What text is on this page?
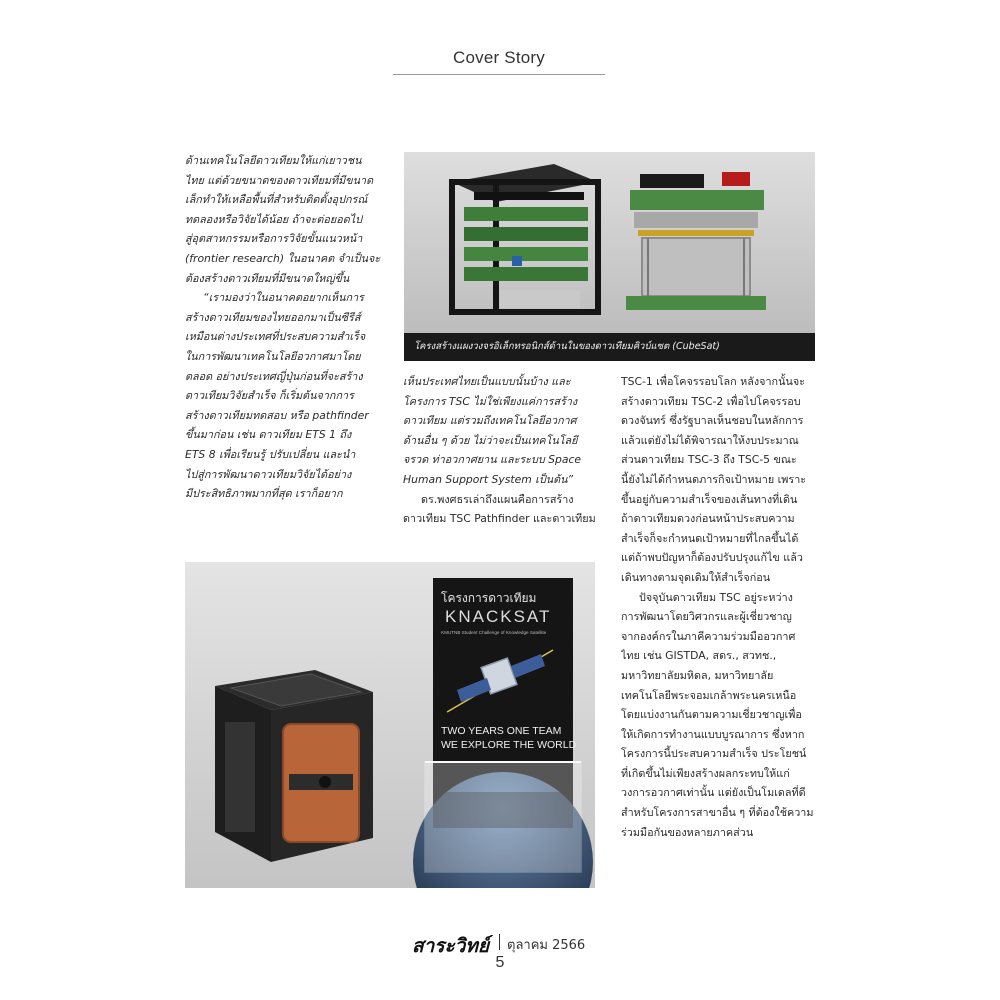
Cover Story
ด้านเทคโนโลยีดาวเทียมให้แก่เยาวชน
ไทย แต่ด้วยขนาดของดาวเทียมที่มีขนาด
เล็กทำให้เหลือพื้นที่สำหรับติดตั้งอุปกรณ์
ทดลองหรือวิจัยได้น้อย ถ้าจะต่อยอดไป
สู่อุตสาหกรรมหรือการวิจัยขั้นแนวหน้า
(frontier research) ในอนาคต จำเป็นจะ
ต้องสร้างดาวเทียมที่มีขนาดใหญ่ขึ้น
“เรามองว่าในอนาคตอยากเห็นการ
สร้างดาวเทียมของไทยออกมาเป็นซีรีส์
เหมือนต่างประเทศที่ประสบความสำเร็จ
ในการพัฒนาเทคโนโลยีอวกาศมาโดย
ตลอด อย่างประเทศญี่ปุ่นก่อนที่จะสร้าง
ดาวเทียมวิจัยสำเร็จ ก็เริ่มต้นจากการ
สร้างดาวเทียมทดสอบ หรือ pathfinder
ขึ้นมาก่อน เช่น ดาวเทียม ETS 1 ถึง
ETS 8 เพื่อเรียนรู้ ปรับเปลี่ยน และนำ
ไปสู่การพัฒนาดาวเทียมวิจัยได้อย่าง
มีประสิทธิภาพมากที่สุด เราก็อยาก
โครงสร้างแผงวงจรอิเล็กทรอนิกส์ด้านในของดาวเทียมคิวบ์แซต (CubeSat)
เห็นประเทศไทยเป็นแบบนั้นบ้าง และ
โครงการ TSC ไม่ใช่เพียงแค่การสร้าง
ดาวเทียม แต่รวมถึงเทคโนโลยีอวกาศ
ด้านอื่น ๆ ด้วย ไม่ว่าจะเป็นเทคโนโลยี
จรวด ท่าอวกาศยาน และระบบ Space
Human Support System เป็นต้น”
ดร.พงศธรเล่าถึงแผนคือการสร้าง
ดาวเทียม TSC Pathfinder และดาวเทียม
TSC-1 เพื่อโคจรรอบโลก หลังจากนั้นจะ
สร้างดาวเทียม TSC-2 เพื่อไปโคจรรอบ
ดวงจันทร์ ซึ่งรัฐบาลเห็นชอบในหลักการ
แล้วแต่ยังไม่ได้พิจารณาให้งบประมาณ
ส่วนดาวเทียม TSC-3 ถึง TSC-5 ขณะ
นี้ยังไม่ได้กำหนดภารกิจเป้าหมาย เพราะ
ขึ้นอยู่กับความสำเร็จของเส้นทางที่เดิน
ถ้าดาวเทียมดวงก่อนหน้าประสบความ
สำเร็จก็จะกำหนดเป้าหมายที่ไกลขึ้นได้
แต่ถ้าพบปัญหาก็ต้องปรับปรุงแก้ไข แล้ว
เดินทางตามจุดเดิมให้สำเร็จก่อน
ปัจจุบันดาวเทียม TSC อยู่ระหว่าง
การพัฒนาโดยวิศวกรและผู้เชี่ยวชาญ
จากองค์กรในภาคีความร่วมมืออวกาศ
ไทย เช่น GISTDA, สดร., สวทช.,
มหาวิทยาลัยมหิดล, มหาวิทยาลัย
เทคโนโลยีพระจอมเกล้าพระนครเหนือ
โดยแบ่งงานกันตามความเชี่ยวชาญเพื่อ
ให้เกิดการทำงานแบบบูรณาการ ซึ่งหาก
โครงการนี้ประสบความสำเร็จ ประโยชน์
ที่เกิดขึ้นไม่เพียงสร้างผลกระทบให้แก่
วงการอวกาศเท่านั้น แต่ยังเป็นโมเดลที่ดี
สำหรับโครงการสาขาอื่น ๆ ที่ต้องใช้ความ
ร่วมมือกันของหลายภาคส่วน
โครงการดาวเทียม
KNACKSAT
KMUTNB Student Challenge of Knowledge Satellite
TWO YEARS ONE TEAM
WE EXPLORE THE WORLD
สาระวิทย์ ตุลาคม 2566
5
